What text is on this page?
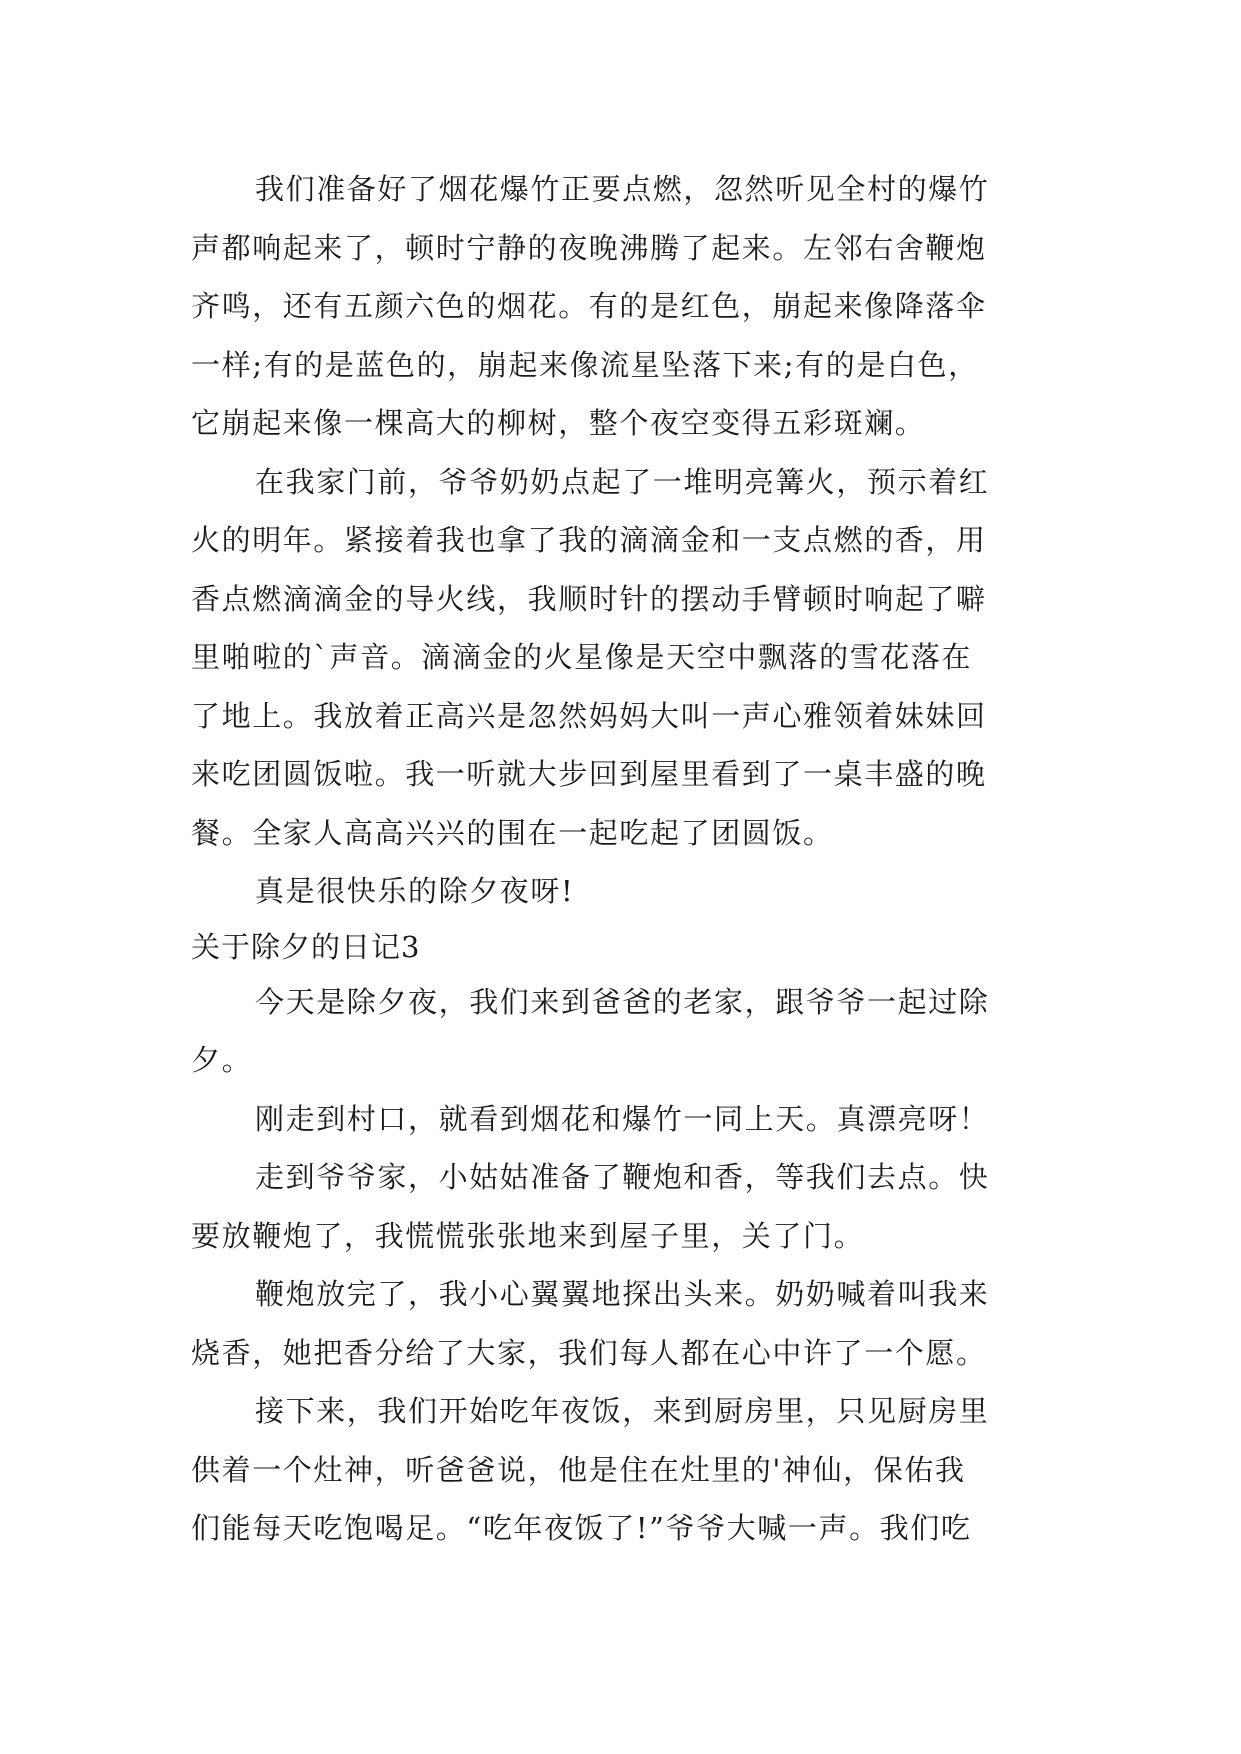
我们准备好了烟花爆竹正要点燃，忽然听见全村的爆竹
声都响起来了，顿时宁静的夜晚沸腾了起来。左邻右舍鞭炮
齐鸣，还有五颜六色的烟花。有的是红色，崩起来像降落伞
一样;有的是蓝色的，崩起来像流星坠落下来;有的是白色，
它崩起来像一棵高大的柳树，整个夜空变得五彩斑斓。
在我家门前，爷爷奶奶点起了一堆明亮篝火，预示着红
火的明年。紧接着我也拿了我的滴滴金和一支点燃的香，用
香点燃滴滴金的导火线，我顺时针的摆动手臂顿时响起了噼
里啪啦的`声音。滴滴金的火星像是天空中飘落的雪花落在
了地上。我放着正高兴是忽然妈妈大叫一声心雅领着妹妹回
来吃团圆饭啦。我一听就大步回到屋里看到了一桌丰盛的晚
餐。全家人高高兴兴的围在一起吃起了团圆饭。
真是很快乐的除夕夜呀!
关于除夕的日记3
今天是除夕夜，我们来到爸爸的老家，跟爷爷一起过除
夕。
刚走到村口，就看到烟花和爆竹一同上天。真漂亮呀！
走到爷爷家，小姑姑准备了鞭炮和香，等我们去点。快
要放鞭炮了，我慌慌张张地来到屋子里，关了门。
鞭炮放完了，我小心翼翼地探出头来。奶奶喊着叫我来
烧香，她把香分给了大家，我们每人都在心中许了一个愿。
接下来，我们开始吃年夜饭，来到厨房里，只见厨房里
供着一个灶神，听爸爸说，他是住在灶里的'神仙，保佑我
们能每天吃饱喝足。“吃年夜饭了!”爷爷大喊一声。我们吃
